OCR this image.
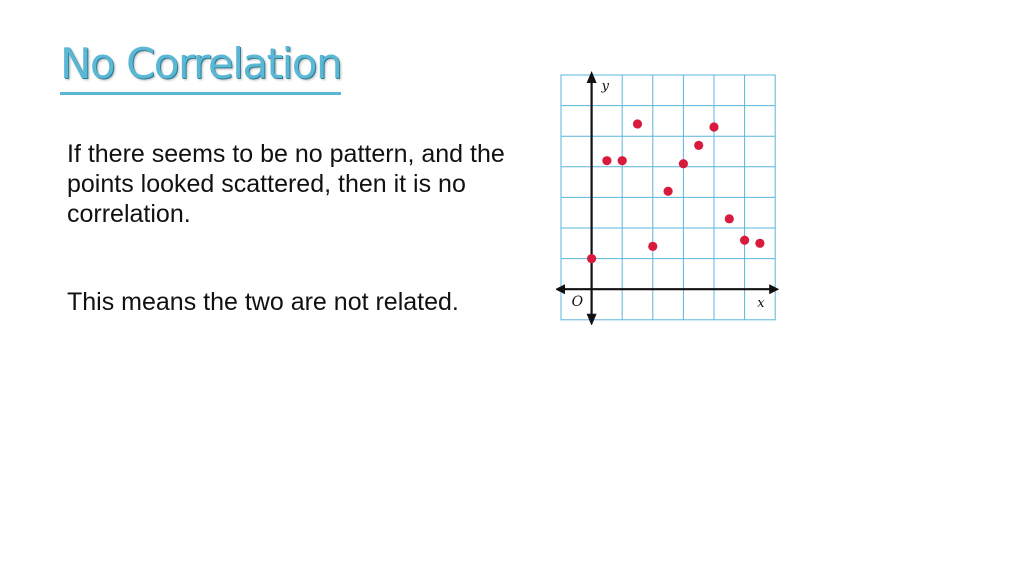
No Correlation

If there seems to be no pattern, and the points looked scattered, then it is no correlation.

This means the two are not related.

y
x
O
